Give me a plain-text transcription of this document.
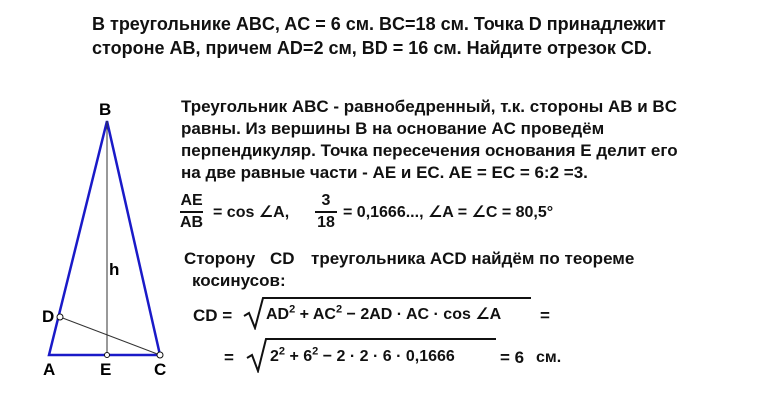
В треугольнике ABC, AC = 6 см. BC=18 см. Точка D принадлежит
стороне AB, причем AD=2 см, BD = 16 см. Найдите отрезок CD.
B
h
D
A	E	C
Треугольник ABC - равнобедренный, т.к. стороны AB и BC
равны. Из вершины B на основание AC проведём
перпендикуляр. Точка пересечения основания E делит его
на две равные части - AE и EC. AE = EC = 6:2 =3.
AE
AB
= cos ∠A,
3
18
= 0,1666..., ∠A = ∠C = 80,5°
Сторону CD треугольника ACD найдём по теореме
косинусов:
CD = $AD^2 + AC^2 - 2AD$ · AC · cos ∠A =
= $2^2 + 6^2 - 2 \cdot 2 \cdot 6 \cdot 0,1666$	= 6 см.
